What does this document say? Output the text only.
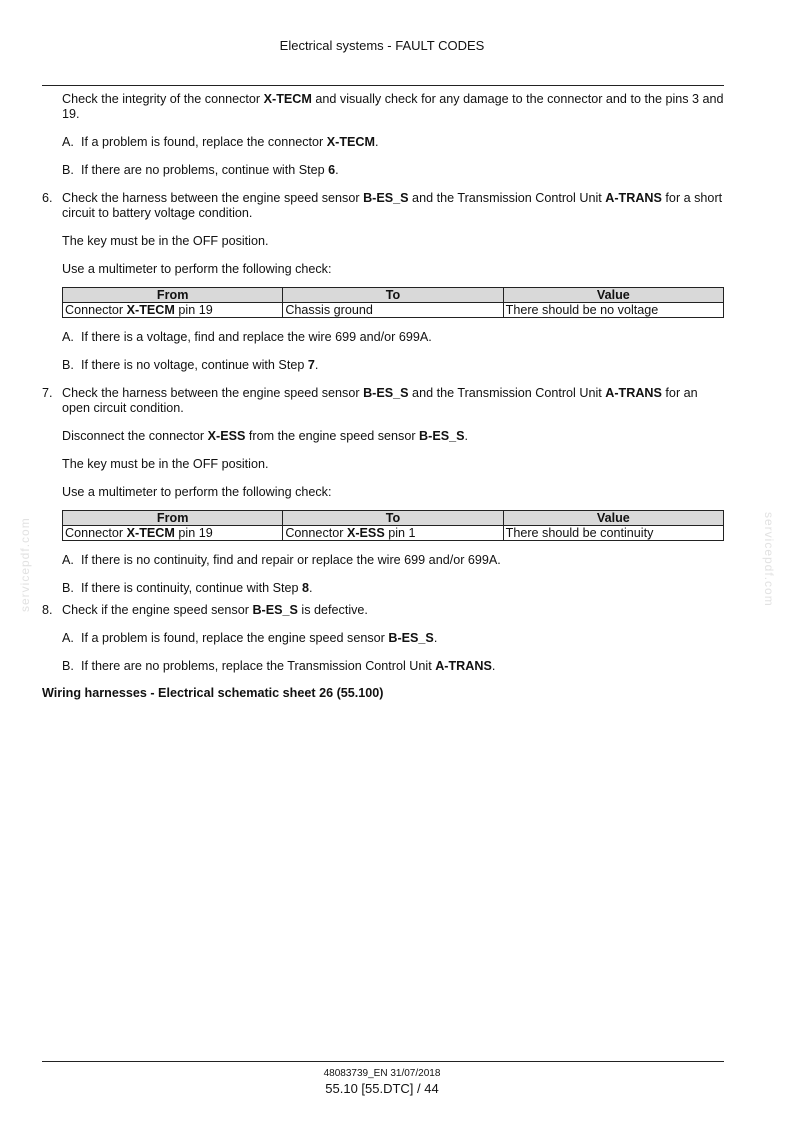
Electrical systems - FAULT CODES

Check the integrity of the connector X-TECM and visually check for any damage to the connector and to the pins 3 and 19.

A. If a problem is found, replace the connector X-TECM.

B. If there are no problems, continue with Step 6.

6. Check the harness between the engine speed sensor B-ES_S and the Transmission Control Unit A-TRANS for a short circuit to battery voltage condition.

The key must be in the OFF position.

Use a multimeter to perform the following check:

From	To	Value
Connector X-TECM pin 19	Chassis ground	There should be no voltage

A. If there is a voltage, find and replace the wire 699 and/or 699A.

B. If there is no voltage, continue with Step 7.

7. Check the harness between the engine speed sensor B-ES_S and the Transmission Control Unit A-TRANS for an open circuit condition.

Disconnect the connector X-ESS from the engine speed sensor B-ES_S.

The key must be in the OFF position.

Use a multimeter to perform the following check:

From	To	Value
Connector X-TECM pin 19	Connector X-ESS pin 1	There should be continuity

A. If there is no continuity, find and repair or replace the wire 699 and/or 699A.

B. If there is continuity, continue with Step 8.

8. Check if the engine speed sensor B-ES_S is defective.

A. If a problem is found, replace the engine speed sensor B-ES_S.

B. If there are no problems, replace the Transmission Control Unit A-TRANS.

Wiring harnesses - Electrical schematic sheet 26 (55.100)

servicepdf.com	servicepdf.com
48083739_EN 31/07/2018
55.10 [55.DTC] / 44
